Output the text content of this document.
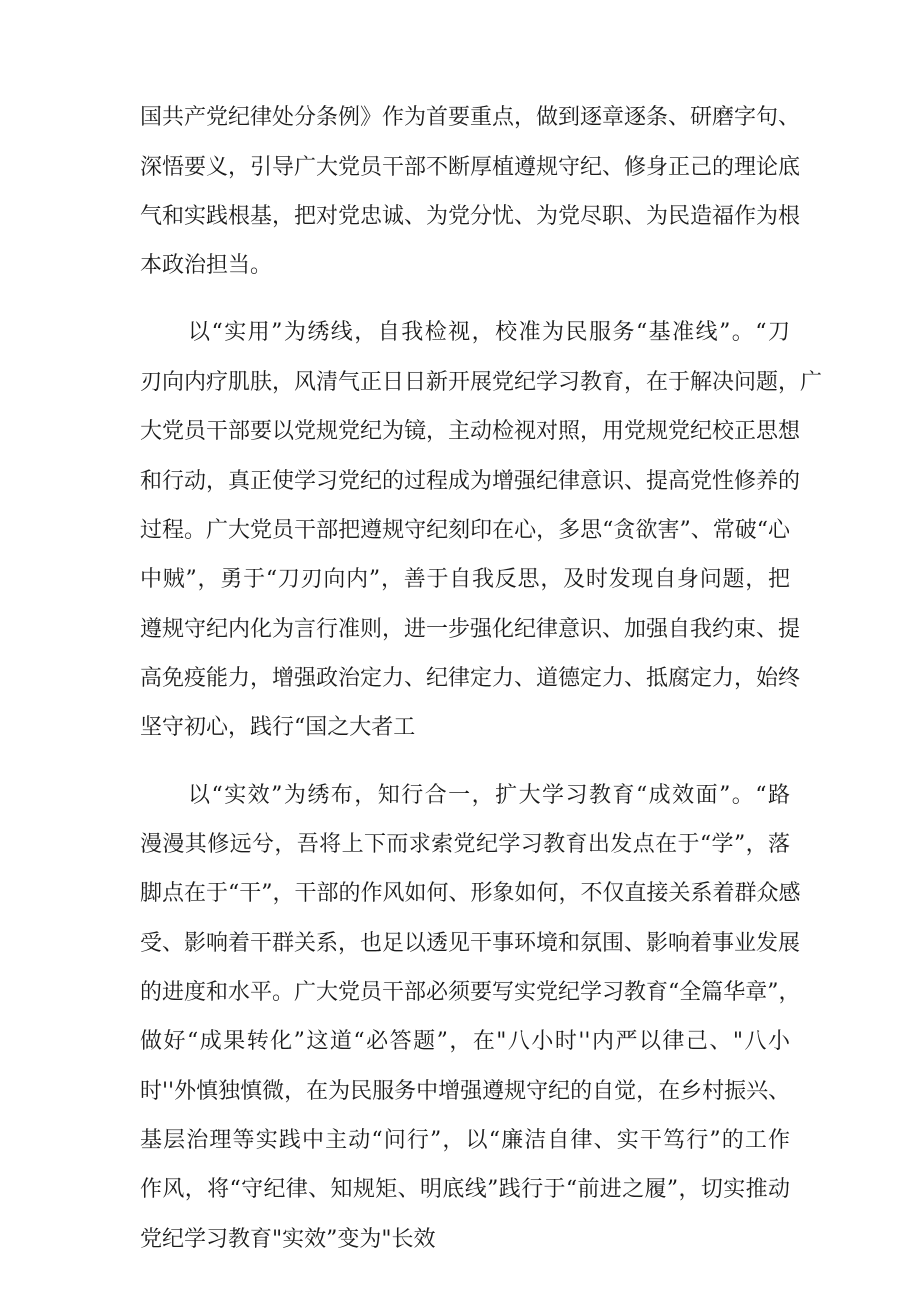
国共产党纪律处分条例》作为首要重点，做到逐章逐条、研磨字句、
深悟要义，引导广大党员干部不断厚植遵规守纪、修身正己的理论底
气和实践根基，把对党忠诚、为党分忧、为党尽职、为民造福作为根
本政治担当。
以“实用”为绣线，自我检视，校准为民服务“基准线”。“刀
刃向内疗肌肤，风清气正日日新开展党纪学习教育，在于解决问题，广
大党员干部要以党规党纪为镜，主动检视对照，用党规党纪校正思想
和行动，真正使学习党纪的过程成为增强纪律意识、提高党性修养的
过程。广大党员干部把遵规守纪刻印在心，多思“贪欲害”、常破“心
中贼”，勇于“刀刃向内”，善于自我反思，及时发现自身问题，把
遵规守纪内化为言行准则，进一步强化纪律意识、加强自我约束、提
高免疫能力，增强政治定力、纪律定力、道德定力、抵腐定力，始终
坚守初心，践行“国之大者工
以“实效”为绣布，知行合一，扩大学习教育“成效面”。“路
漫漫其修远兮，吾将上下而求索党纪学习教育出发点在于“学”，落
脚点在于“干”，干部的作风如何、形象如何，不仅直接关系着群众感
受、影响着干群关系，也足以透见干事环境和氛围、影响着事业发展
的进度和水平。广大党员干部必须要写实党纪学习教育“全篇华章”，
做好“成果转化”这道“必答题”，在"八小时''内严以律己、"八小
时''外慎独慎微，在为民服务中增强遵规守纪的自觉，在乡村振兴、
基层治理等实践中主动“问行”，以“廉洁自律、实干笃行”的工作
作风，将“守纪律、知规矩、明底线”践行于“前进之履”，切实推动
党纪学习教育"实效”变为"长效
